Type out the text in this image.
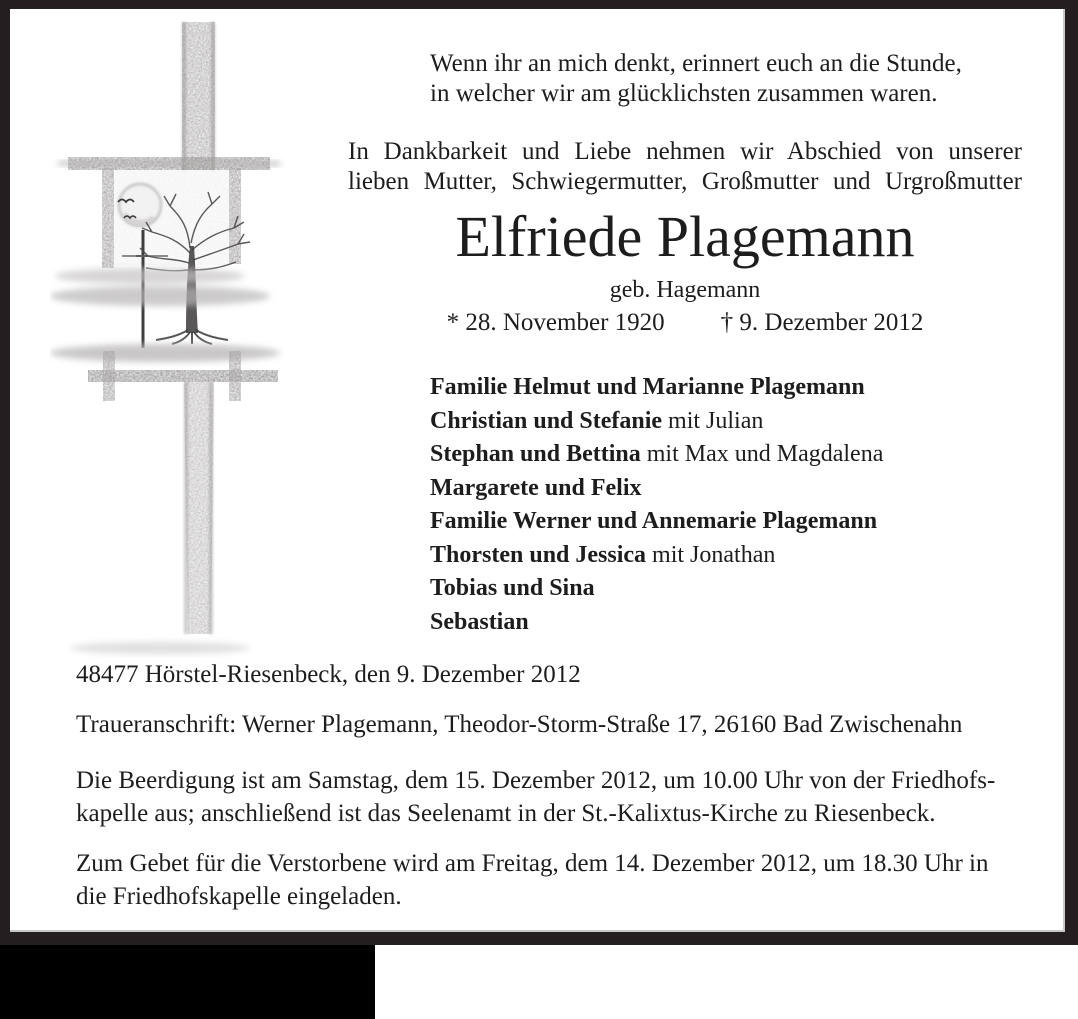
Wenn ihr an mich denkt, erinnert euch an die Stunde,
in welcher wir am glücklichsten zusammen waren.
In Dankbarkeit und Liebe nehmen wir Abschied von unserer
lieben Mutter, Schwiegermutter, Großmutter und Urgroßmutter
Elfriede Plagemann
geb. Hagemann
* 28. November 1920 † 9. Dezember 2012
Familie Helmut und Marianne Plagemann
Christian und Stefanie mit Julian
Stephan und Bettina mit Max und Magdalena
Margarete und Felix
Familie Werner und Annemarie Plagemann
Thorsten und Jessica mit Jonathan
Tobias und Sina
Sebastian
48477 Hörstel-Riesenbeck, den 9. Dezember 2012
Traueranschrift: Werner Plagemann, Theodor-Storm-Straße 17, 26160 Bad Zwischenahn
Die Beerdigung ist am Samstag, dem 15. Dezember 2012, um 10.00 Uhr von der Friedhofs-
kapelle aus; anschließend ist das Seelenamt in der St.-Kalixtus-Kirche zu Riesenbeck.
Zum Gebet für die Verstorbene wird am Freitag, dem 14. Dezember 2012, um 18.30 Uhr in
die Friedhofskapelle eingeladen.
